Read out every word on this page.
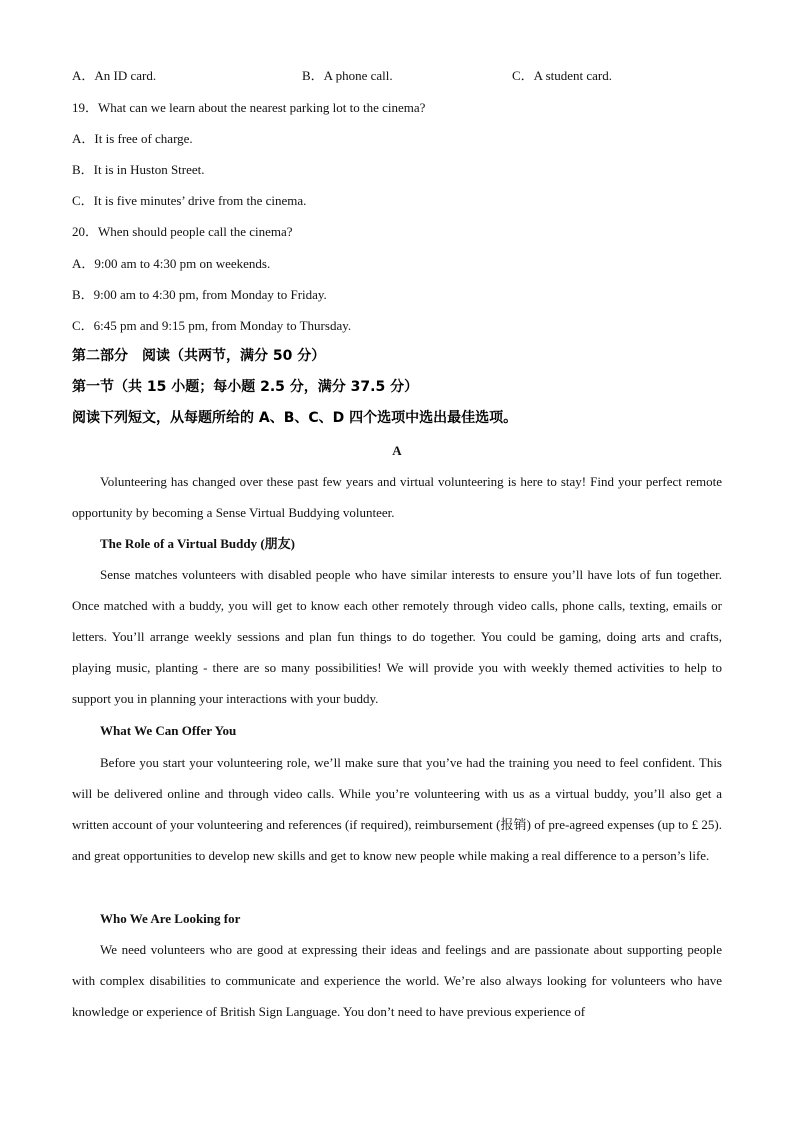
A．An ID card.	B．A phone call.	C．A student card.
19．What can we learn about the nearest parking lot to the cinema?
A．It is free of charge.
B．It is in Huston Street.
C．It is five minutes’ drive from the cinema.
20．When should people call the cinema?
A．9:00 am to 4:30 pm on weekends.
B．9:00 am to 4:30 pm, from Monday to Friday.
C．6:45 pm and 9:15 pm, from Monday to Thursday.
第二部分　阅读（共两节，满分 50 分）
第一节（共 15 小题；每小题 2.5 分，满分 37.5 分）
阅读下列短文，从每题所给的 A、B、C、D 四个选项中选出最佳选项。
A
Volunteering has changed over these past few years and virtual volunteering is here to stay! Find your perfect remote opportunity by becoming a Sense Virtual Buddying volunteer.
The Role of a Virtual Buddy (朋友)
Sense matches volunteers with disabled people who have similar interests to ensure you’ll have lots of fun together. Once matched with a buddy, you will get to know each other remotely through video calls, phone calls, texting, emails or letters. You’ll arrange weekly sessions and plan fun things to do together. You could be gaming, doing arts and crafts, playing music, planting - there are so many possibilities! We will provide you with weekly themed activities to help to support you in planning your interactions with your buddy.
What We Can Offer You
Before you start your volunteering role, we’ll make sure that you’ve had the training you need to feel confident. This will be delivered online and through video calls. While you’re volunteering with us as a virtual buddy, you’ll also get a written account of your volunteering and references (if required), reimbursement (报销) of pre-agreed expenses (up to £ 25). and great opportunities to develop new skills and get to know new people while making a real difference to a person’s life.
Who We Are Looking for
We need volunteers who are good at expressing their ideas and feelings and are passionate about supporting people with complex disabilities to communicate and experience the world. We’re also always looking for volunteers who have knowledge or experience of British Sign Language. You don’t need to have previous experience of
